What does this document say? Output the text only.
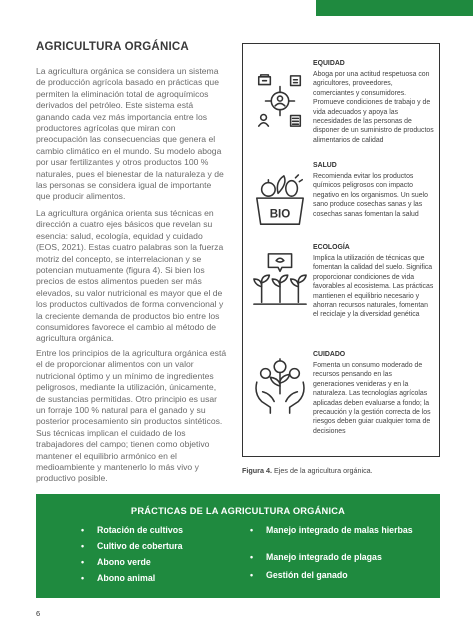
AGRICULTURA ORGÁNICA

La agricultura orgánica se considera un sistema de producción agrícola basado en prácticas que permiten la eliminación total de agroquímicos derivados del petróleo. Este sistema está ganando cada vez más importancia entre los productores agrícolas que miran con preocupación las consecuencias que genera el cambio climático en el mundo. Su modelo aboga por usar fertilizantes y otros productos 100 % naturales, pues el bienestar de la naturaleza y de las personas se considera igual de importante que producir alimentos.

La agricultura orgánica orienta sus técnicas en dirección a cuatro ejes básicos que revelan su esencia: salud, ecología, equidad y cuidado (EOS, 2021). Estas cuatro palabras son la fuerza motriz del concepto, se interrelacionan y se potencian mutuamente (figura 4). Si bien los precios de estos alimentos pueden ser más elevados, su valor nutricional es mayor que el de los productos cultivados de forma convencional y la creciente demanda de productos bio entre los consumidores favorece el cambio al método de agricultura orgánica.

Entre los principios de la agricultura orgánica está el de proporcionar alimentos con un valor nutricional óptimo y un mínimo de ingredientes peligrosos, mediante la utilización, únicamente, de sustancias permitidas. Otro principio es usar un forraje 100 % natural para el ganado y su posterior procesamiento sin productos sintéticos. Sus técnicas implican el cuidado de los trabajadores del campo; tienen como objetivo mantener el equilibrio armónico en el medioambiente y mantenerlo lo más vivo y productivo posible.

EQUIDAD

Aboga por una actitud respetuosa con agricultores, proveedores, comerciantes y consumidores. Promueve condiciones de trabajo y de vida adecuados y apoya las necesidades de las personas de disponer de un suministro de productos alimentarios de calidad

BIO

SALUD

Recomienda evitar los productos químicos peligrosos con impacto negativo en los organismos. Un suelo sano produce cosechas sanas y las cosechas sanas fomentan la salud

ECOLOGÍA

Implica la utilización de técnicas que fomentan la calidad del suelo. Significa proporcionar condiciones de vida favorables al ecosistema. Las prácticas mantienen el equilibrio necesario y ahorran recursos naturales, fomentan el reciclaje y la diversidad genética

CUIDADO

Fomenta un consumo moderado de recursos pensando en las generaciones venideras y en la naturaleza. Las tecnologías agrícolas aplicadas deben evaluarse a fondo; la precaución y la gestión correcta de los riesgos deben guiar cualquier toma de decisiones

Figura 4. Ejes de la agricultura orgánica.

PRÁCTICAS DE LA AGRICULTURA ORGÁNICA

• Rotación de cultivos
• Cultivo de cobertura
• Abono verde
• Abono animal
• Manejo integrado de malas hierbas
• Manejo integrado de plagas
• Gestión del ganado

6
